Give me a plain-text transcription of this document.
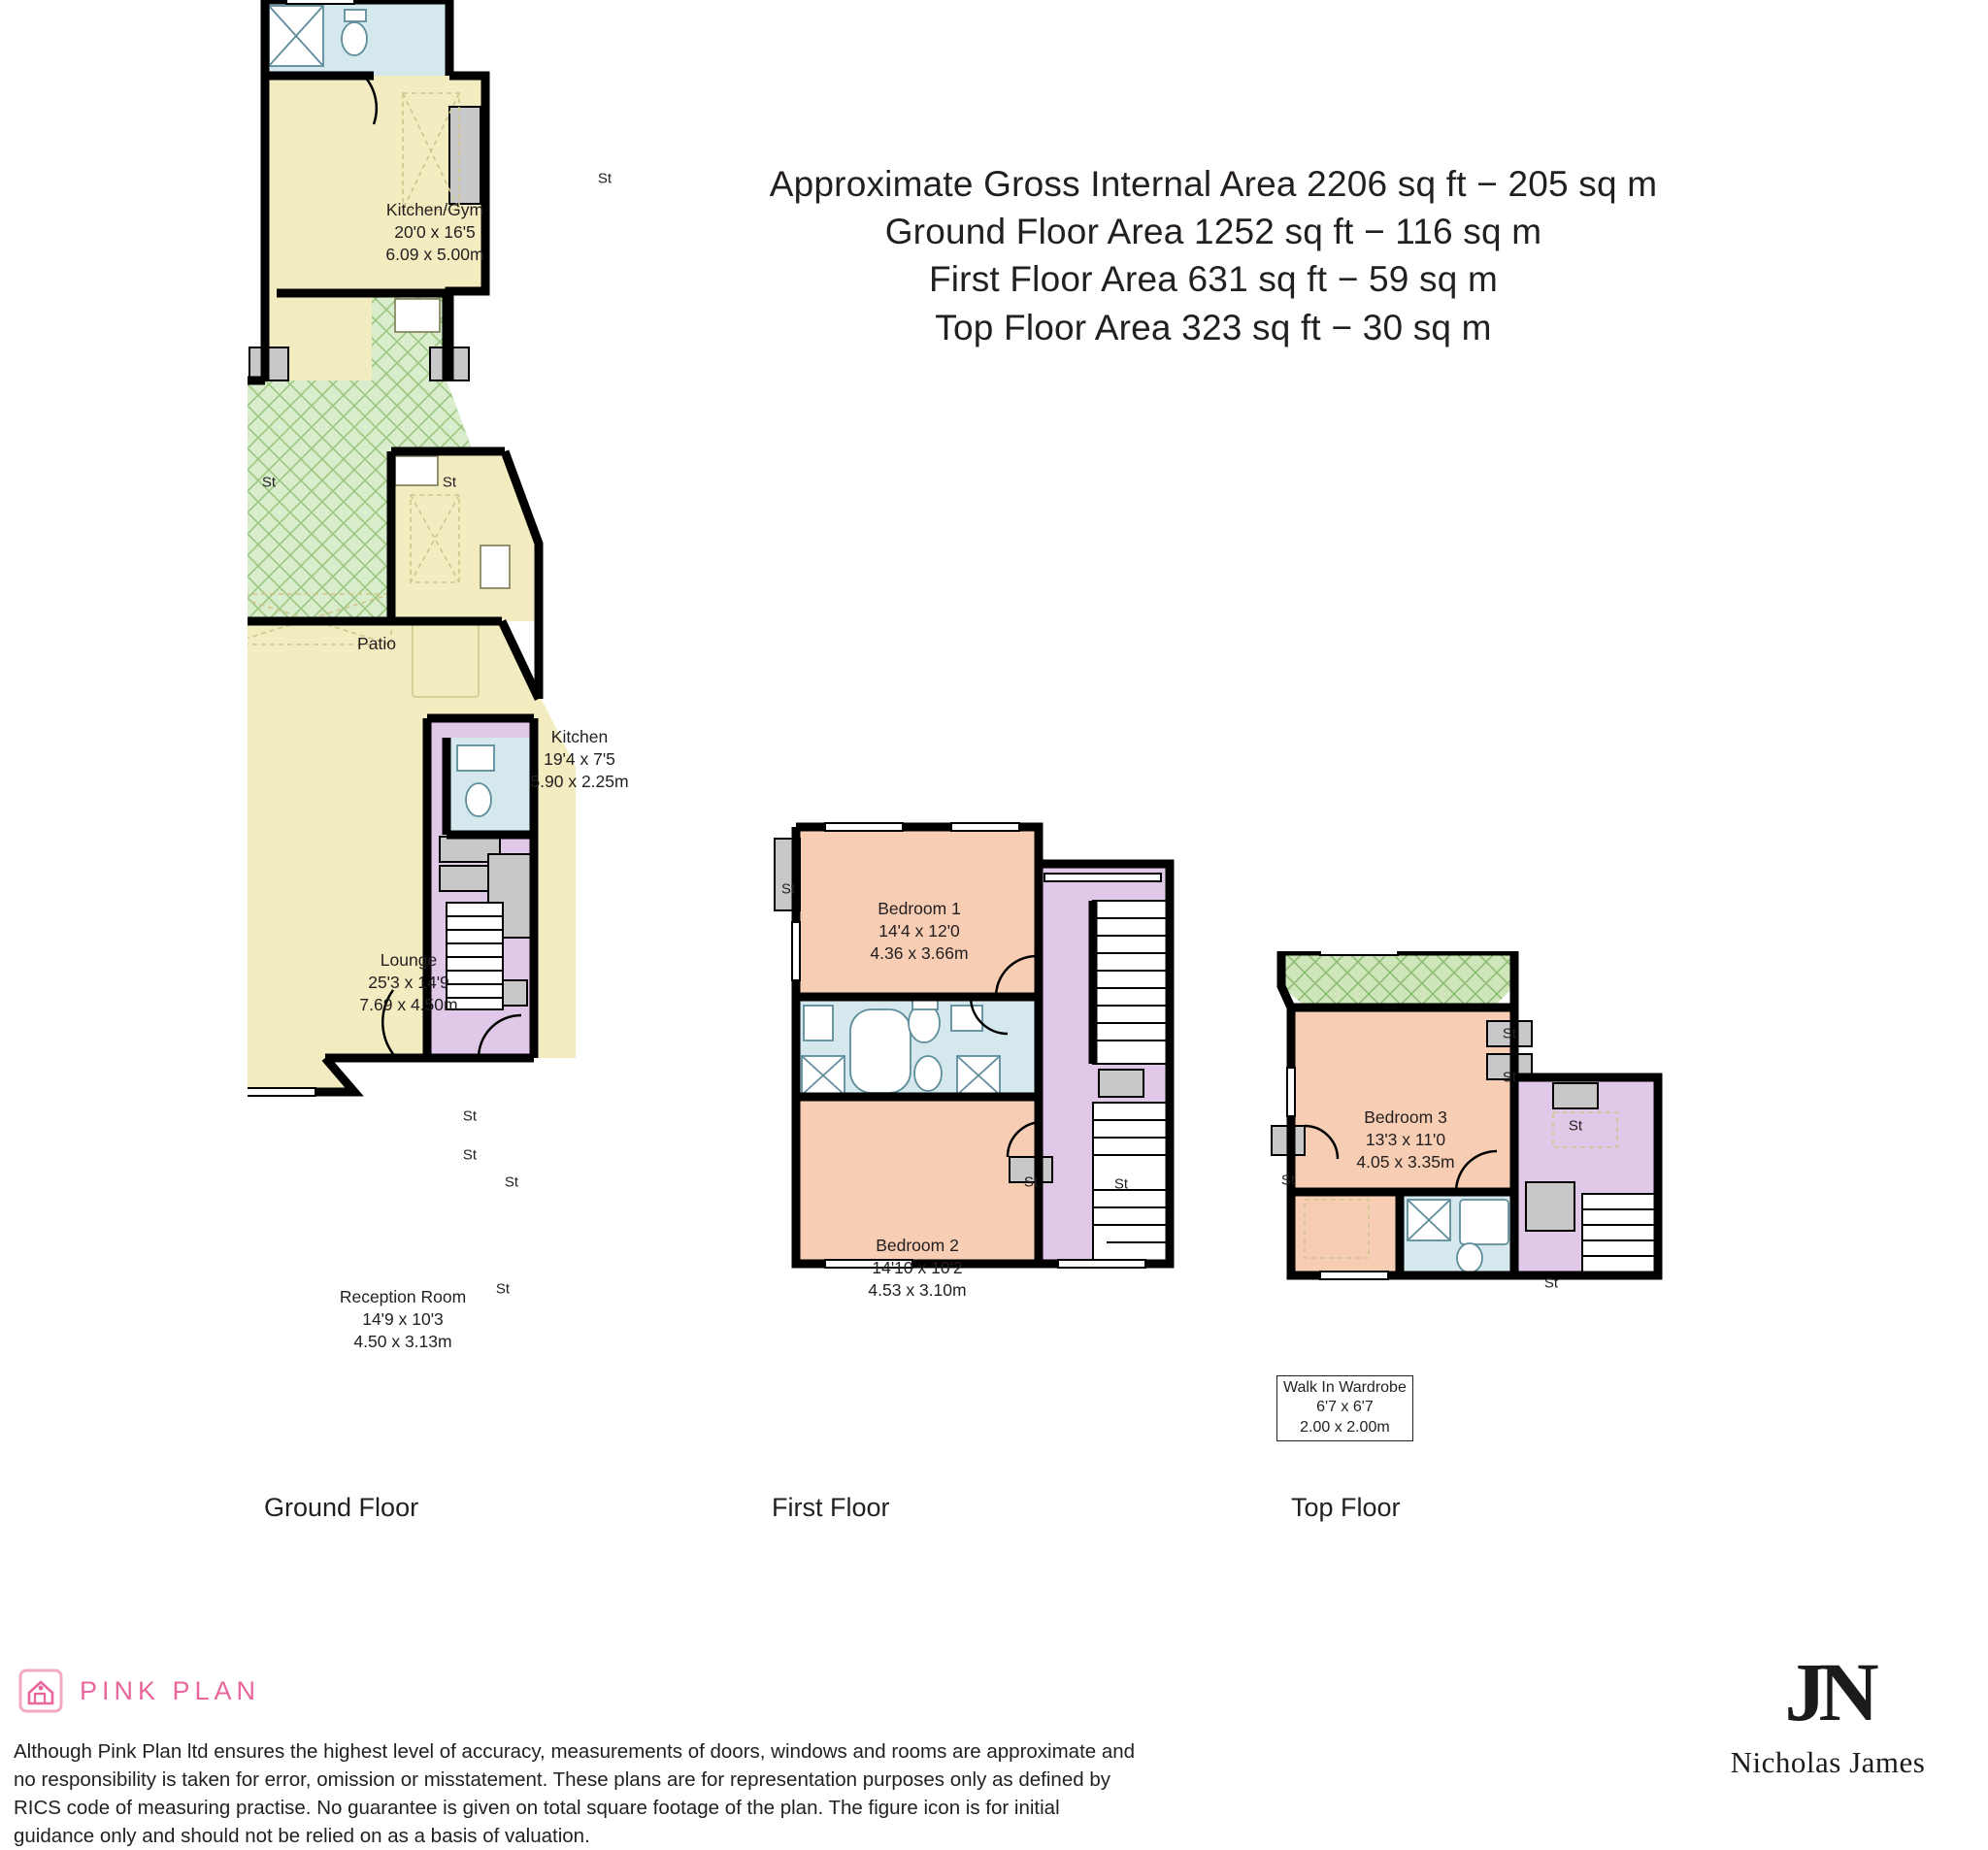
Approximate Gross Internal Area 2206 sq ft − 205 sq m
Ground Floor Area 1252 sq ft − 116 sq m
First Floor Area 631 sq ft − 59 sq m
Top Floor Area 323 sq ft − 30 sq m
Kitchen/Gym
20'0 x 16'5
6.09 x 5.00m
Patio
Kitchen
19'4 x 7'5
5.90 x 2.25m
Lounge
25'3 x 14'9
7.69 x 4.50m
Reception Room
14'9 x 10'3
4.50 x 3.13m
Bedroom 1
14'4 x 12'0
4.36 x 3.66m
Bedroom 2
14'10 x 10'2
4.53 x 3.10m
Bedroom 3
13'3 x 11'0
4.05 x 3.35m
Walk In Wardrobe
6'7 x 6'7
2.00 x 2.00m
St
St	St
St
St
St
St
St
St	St
St
St
St
St
St
Ground Floor	First Floor	Top Floor
PINK PLAN
Although Pink Plan ltd ensures the highest level of accuracy, measurements of doors, windows and rooms are approximate and no responsibility is taken for error, omission or misstatement. These plans are for representation purposes only as defined by RICS code of measuring practise. No guarantee is given on total square footage of the plan. The figure icon is for initial guidance only and should not be relied on as a basis of valuation.
JN
Nicholas James
